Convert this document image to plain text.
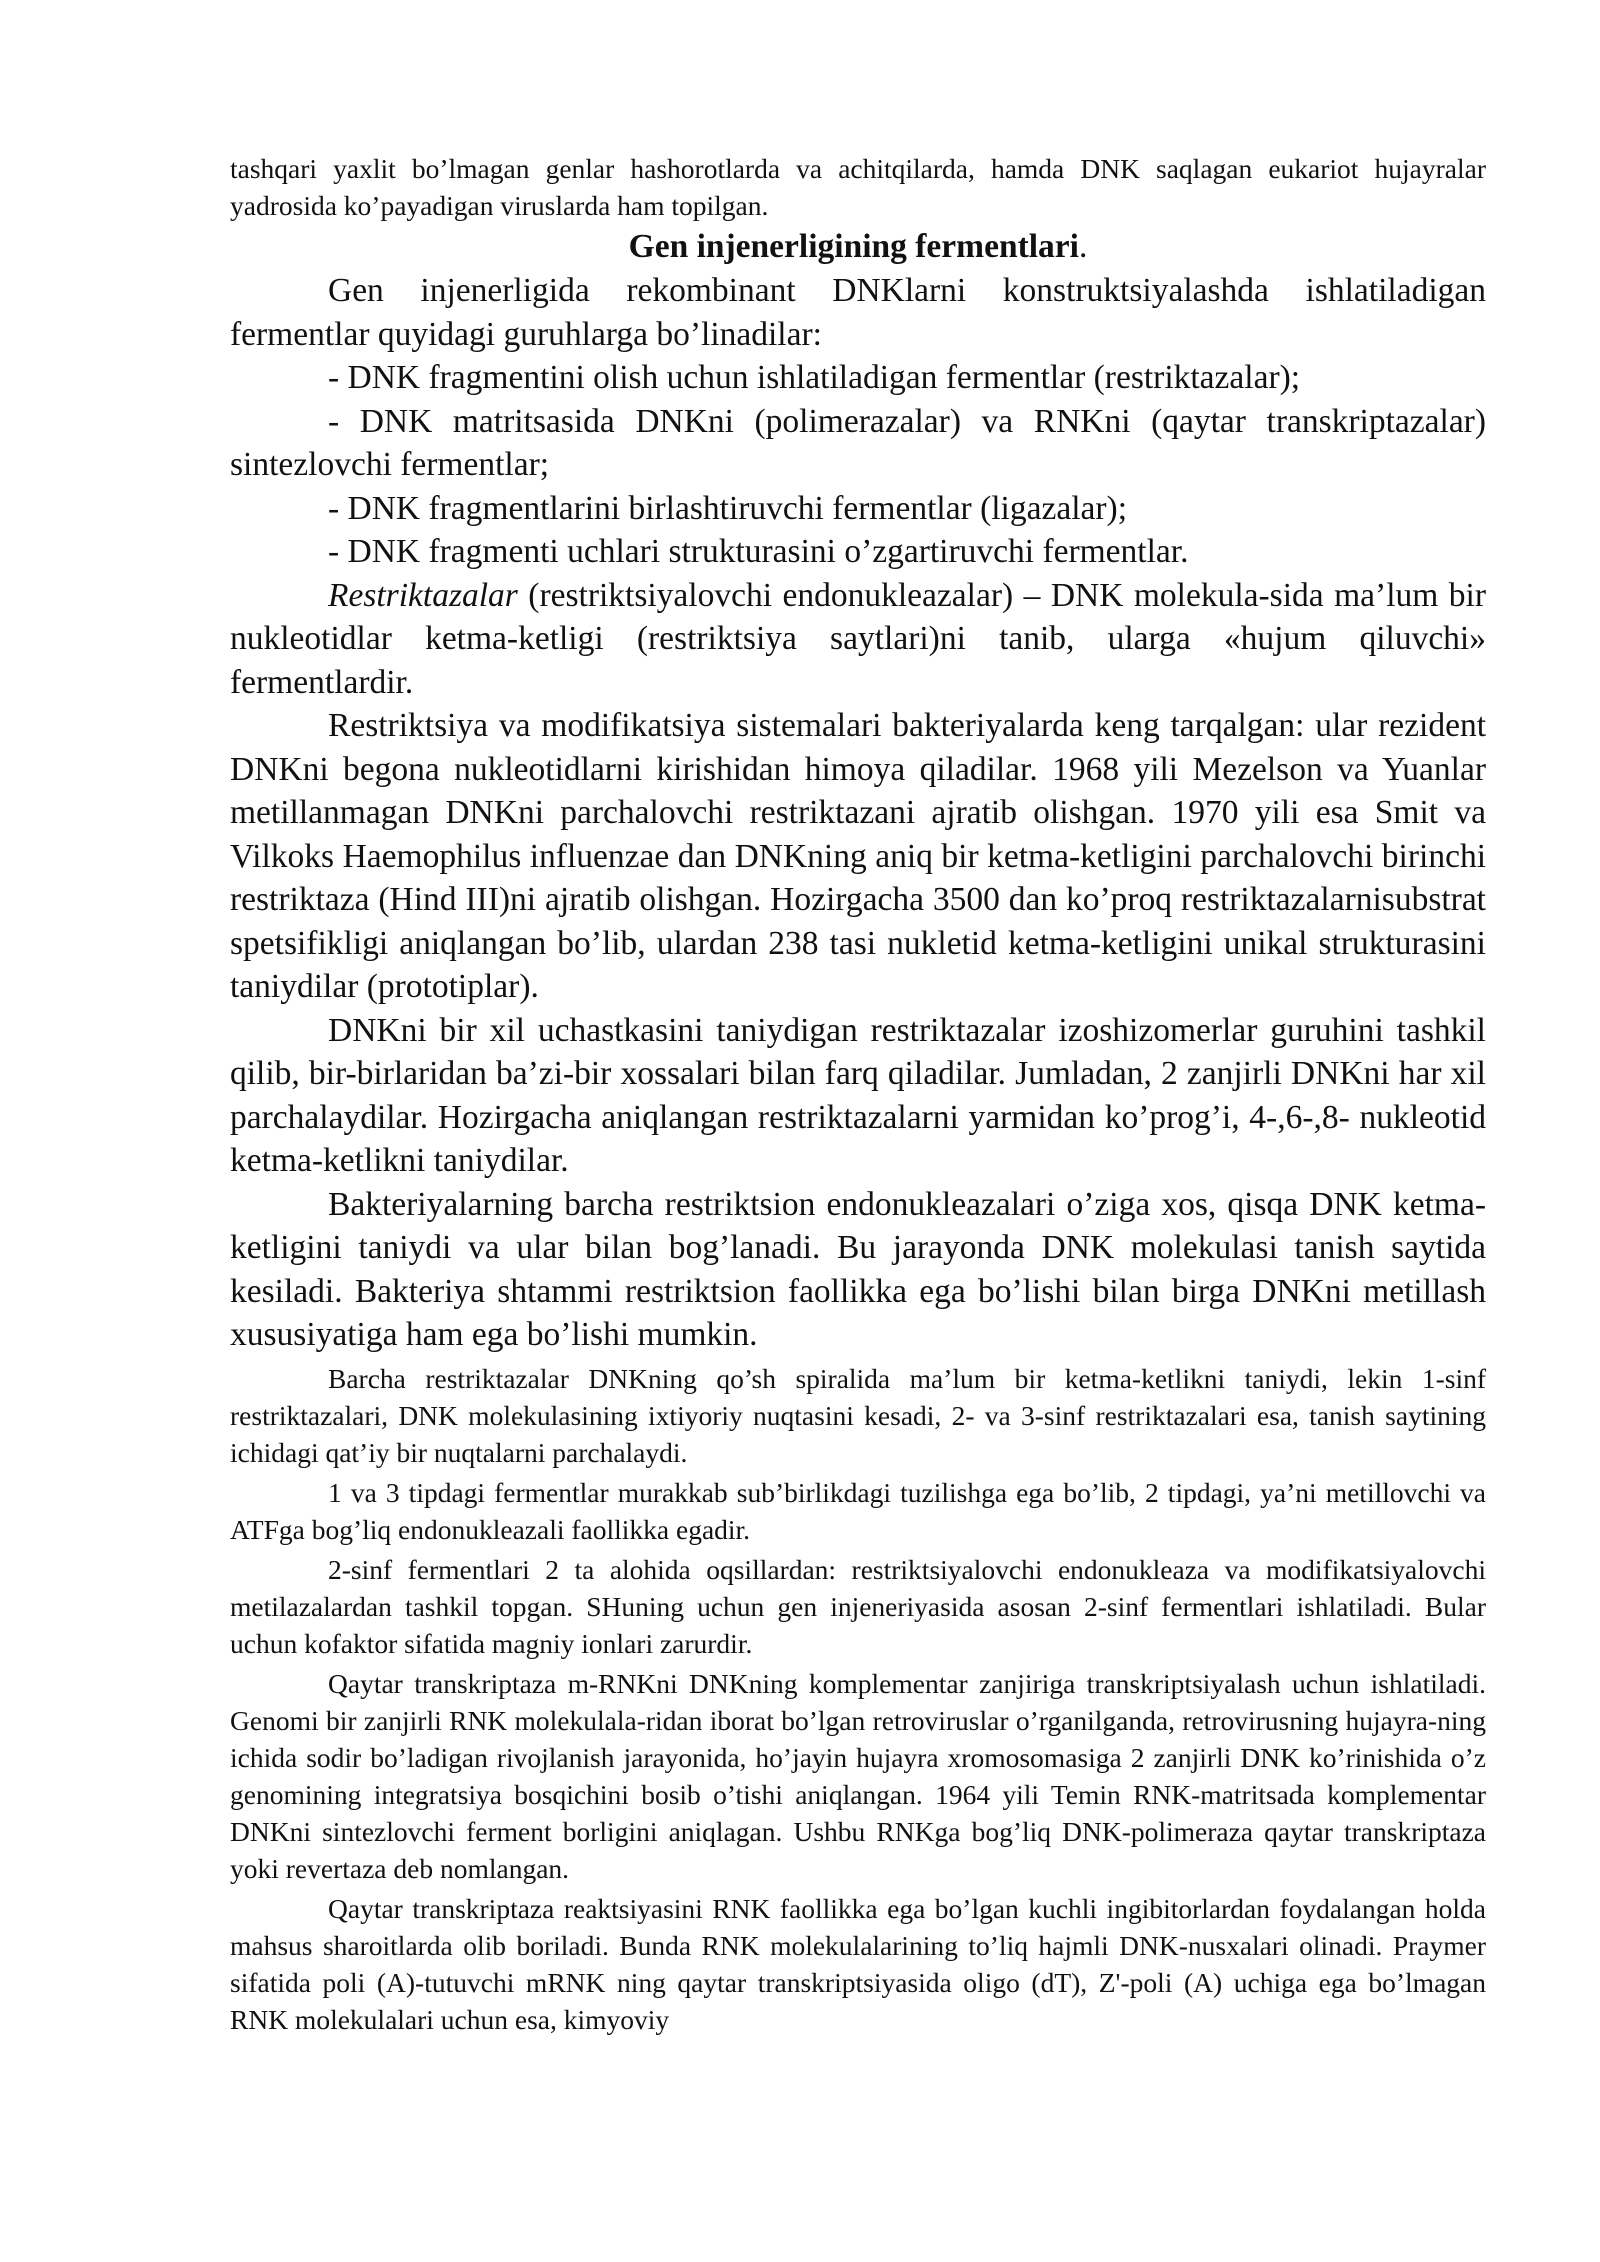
tashqari yaxlit bo’lmagan genlar hashorotlarda va achitqilarda, hamda DNK saqlagan eukariot hujayralar yadrosida ko’payadigan viruslarda ham topilgan.

Gen injenerligining fermentlari.

Gen injenerligida rekombinant DNKlarni konstruktsiyalashda ishlatiladigan fermentlar quyidagi guruhlarga bo’linadilar:

- DNK fragmentini olish uchun ishlatiladigan fermentlar (restriktazalar);

- DNK matritsasida DNKni (polimerazalar) va RNKni (qaytar transkriptazalar) sintezlovchi fermentlar;

- DNK fragmentlarini birlashtiruvchi fermentlar (ligazalar);

- DNK fragmenti uchlari strukturasini o’zgartiruvchi fermentlar.

Restriktazalar (restriktsiyalovchi endonukleazalar) – DNK molekula-sida ma’lum bir nukleotidlar ketma-ketligi (restriktsiya saytlari)ni tanib, ularga «hujum qiluvchi» fermentlardir.

Restriktsiya va modifikatsiya sistemalari bakteriyalarda keng tarqalgan: ular rezident DNKni begona nukleotidlarni kirishidan himoya qiladilar. 1968 yili Mezelson va Yuanlar metillanmagan DNKni parchalovchi restriktazani ajratib olishgan. 1970 yili esa Smit va Vilkoks Haemophilus influenzae dan DNKning aniq bir ketma-ketligini parchalovchi birinchi restriktaza (Hind III)ni ajratib olishgan. Hozirgacha 3500 dan ko’proq restriktazalarnisubstrat spetsifikligi aniqlangan bo’lib, ulardan 238 tasi nukletid ketma-ketligini unikal strukturasini taniydilar (prototiplar).

DNKni bir xil uchastkasini taniydigan restriktazalar izoshizomerlar guruhini tashkil qilib, bir-birlaridan ba’zi-bir xossalari bilan farq qiladilar. Jumladan, 2 zanjirli DNKni har xil parchalaydilar. Hozirgacha aniqlangan restriktazalarni yarmidan ko’prog’i, 4-,6-,8- nukleotid ketma-ketlikni taniydilar.

Bakteriyalarning barcha restriktsion endonukleazalari o’ziga xos, qisqa DNK ketma-ketligini taniydi va ular bilan bog’lanadi. Bu jarayonda DNK molekulasi tanish saytida kesiladi. Bakteriya shtammi restriktsion faollikka ega bo’lishi bilan birga DNKni metillash xususiyatiga ham ega bo’lishi mumkin.

Barcha restriktazalar DNKning qo’sh spiralida ma’lum bir ketma-ketlikni taniydi, lekin 1-sinf restriktazalari, DNK molekulasining ixtiyoriy nuqtasini kesadi, 2- va 3-sinf restriktazalari esa, tanish saytining ichidagi qat’iy bir nuqtalarni parchalaydi.

1 va 3 tipdagi fermentlar murakkab sub’birlikdagi tuzilishga ega bo’lib, 2 tipdagi, ya’ni metillovchi va ATFga bog’liq endonukleazali faollikka egadir.

2-sinf fermentlari 2 ta alohida oqsillardan: restriktsiyalovchi endonukleaza va modifikatsiyalovchi metilazalardan tashkil topgan. SHuning uchun gen injeneriyasida asosan 2-sinf fermentlari ishlatiladi. Bular uchun kofaktor sifatida magniy ionlari zarurdir.

Qaytar transkriptaza m-RNKni DNKning komplementar zanjiriga transkriptsiyalash uchun ishlatiladi. Genomi bir zanjirli RNK molekulala-ridan iborat bo’lgan retroviruslar o’rganilganda, retrovirusning hujayra-ning ichida sodir bo’ladigan rivojlanish jarayonida, ho’jayin hujayra xromosomasiga 2 zanjirli DNK ko’rinishida o’z genomining integratsiya bosqichini bosib o’tishi aniqlangan. 1964 yili Temin RNK-matritsada komplementar DNKni sintezlovchi ferment borligini aniqlagan. Ushbu RNKga bog’liq DNK-polimeraza qaytar transkriptaza yoki revertaza deb nomlangan.

Qaytar transkriptaza reaktsiyasini RNK faollikka ega bo’lgan kuchli ingibitorlardan foydalangan holda mahsus sharoitlarda olib boriladi. Bunda RNK molekulalarining to’liq hajmli DNK-nusxalari olinadi. Praymer sifatida poli (A)-tutuvchi mRNK ning qaytar transkriptsiyasida oligo (dT), Z'-poli (A) uchiga ega bo’lmagan RNK molekulalari uchun esa, kimyoviy
